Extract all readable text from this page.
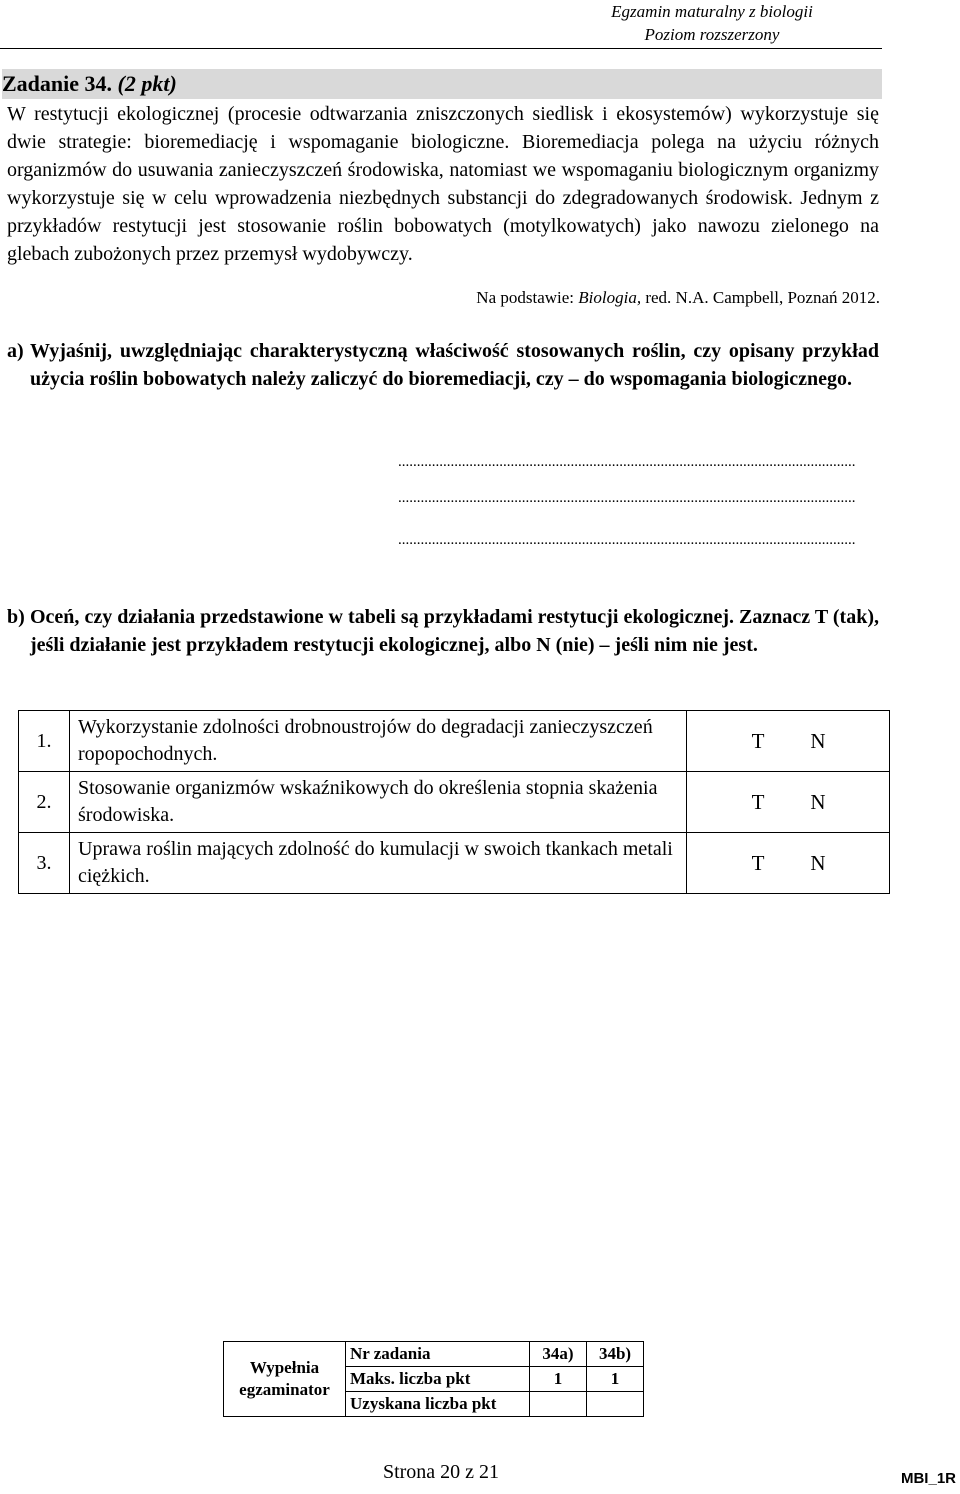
Egzamin maturalny z biologii
Poziom rozszerzony
Zadanie 34. (2 pkt)

W restytucji ekologicznej (procesie odtwarzania zniszczonych siedlisk i ekosystemów) wykorzystuje się dwie strategie: bioremediację i wspomaganie biologiczne. Bioremediacja polega na użyciu różnych organizmów do usuwania zanieczyszczeń środowiska, natomiast we wspomaganiu biologicznym organizmy wykorzystuje się w celu wprowadzenia niezbędnych substancji do zdegradowanych środowisk. Jednym z przykładów restytucji jest stosowanie roślin bobowatych (motylkowatych) jako nawozu zielonego na glebach zubożonych przez przemysł wydobywczy.

Na podstawie: Biologia, red. N.A. Campbell, Poznań 2012.
a) Wyjaśnij, uwzględniając charakterystyczną właściwość stosowanych roślin, czy opisany przykład użycia roślin bobowatych należy zaliczyć do bioremediacji, czy – do wspomagania biologicznego.
..........................................................................................................................
..........................................................................................................................
..........................................................................................................................
b) Oceń, czy działania przedstawione w tabeli są przykładami restytucji ekologicznej. Zaznacz T (tak), jeśli działanie jest przykładem restytucji ekologicznej, albo N (nie) – jeśli nim nie jest.
1.	Wykorzystanie zdolności drobnoustrojów do degradacji zanieczyszczeń ropopochodnych.	T N
2.	Stosowanie organizmów wskaźnikowych do określenia stopnia skażenia środowiska.	T N
3.	Uprawa roślin mających zdolność do kumulacji w swoich tkankach metali ciężkich.	T N
Wypełnia egzaminator	Nr zadania	34a)	34b)
	Maks. liczba pkt	1	1
	Uzyskana liczba pkt		
Strona 20 z 21	MBI_1R
